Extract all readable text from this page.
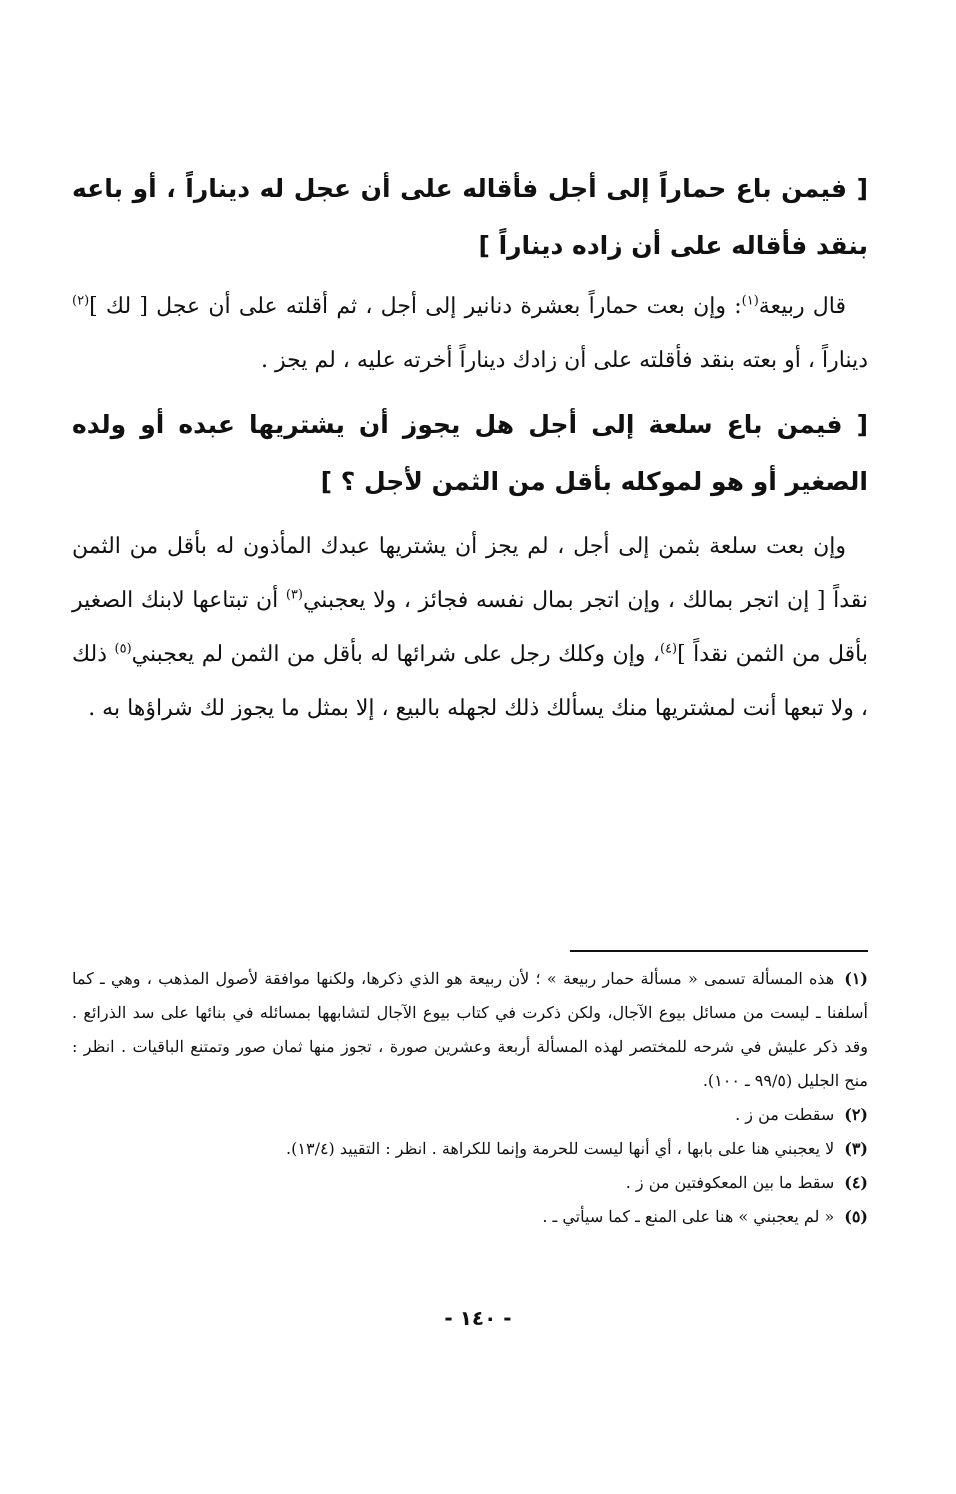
[ فيمن باع حماراً إلى أجل فأقاله على أن عجل له ديناراً ، أو باعه بنقد فأقاله على أن زاده ديناراً ]

قال ربيعة$^{(١)}$: وإن بعت حماراً بعشرة دنانير إلى أجل ، ثم أقلته على أن عجل [ لك ]$^{(٢)}$ ديناراً ، أو بعته بنقد فأقلته على أن زادك ديناراً أخرته عليه ، لم يجز .

[ فيمن باع سلعة إلى أجل هل يجوز أن يشتريها عبده أو ولده الصغير أو هو لموكله بأقل من الثمن لأجل ؟ ]

وإن بعت سلعة بثمن إلى أجل ، لم يجز أن يشتريها عبدك المأذون له بأقل من الثمن نقداً [ إن اتجر بمالك ، وإن اتجر بمال نفسه فجائز ، ولا يعجبني$^{(٣)}$ أن تبتاعها لابنك الصغير بأقل من الثمن نقداً ]$^{(٤)}$، وإن وكلك رجل على شرائها له بأقل من الثمن لم يعجبني$^{(٥)}$ ذلك ، ولا تبعها أنت لمشتريها منك يسألك ذلك لجهله بالبيع ، إلا بمثل ما يجوز لك شراؤها به .

(١)هذه المسألة تسمى « مسألة حمار ربيعة » ؛ لأن ربيعة هو الذي ذكرها، ولكنها موافقة لأصول المذهب ، وهي ـ كما أسلفنا ـ ليست من مسائل بيوع الآجال، ولكن ذكرت في كتاب بيوع الآجال لتشابهها بمسائله في بنائها على سد الذرائع . وقد ذكر عليش في شرحه للمختصر لهذه المسألة أربعة وعشرين صورة ، تجوز منها ثمان صور وتمتنع الباقيات . انظر : منح الجليل (٩٩/٥ ـ ١٠٠).

(٢)سقطت من ز .

(٣)لا يعجبني هنا على بابها ، أي أنها ليست للحرمة وإنما للكراهة . انظر : التقييد (١٣/٤).

(٤)سقط ما بين المعكوفتين من ز .

(٥)« لم يعجبني » هنا على المنع ـ كما سيأتي ـ .

- ١٤٠ -
